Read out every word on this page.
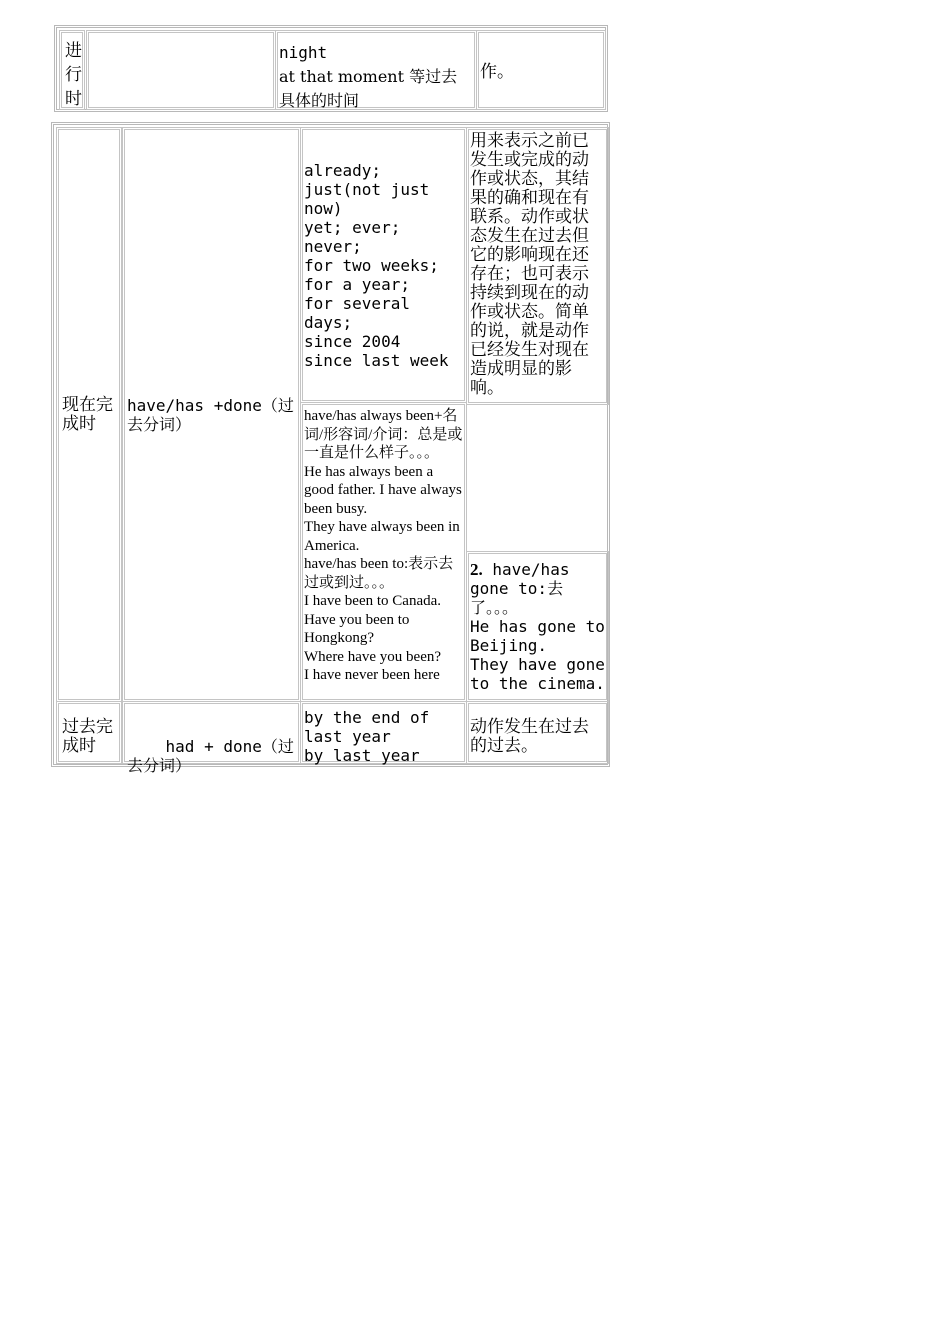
进
行
时
night
at that moment 等过去具体的时间
作。
现在完成时
have/has +done（过去分词）
already;
just(not just now)
yet; ever; never;
for two weeks;
for a year;
for several days;
since 2004
since last week
用来表示之前已发生或完成的动作或状态，其结果的确和现在有联系。动作或状态发生在过去但它的影响现在还存在；也可表示持续到现在的动作或状态。简单的说，就是动作已经发生对现在造成明显的影响。
have/has always been+名词/形容词/介词：总是或一直是什么样子。。。
He has always been a good father. I have always been busy.
They have always been in America.
have/has been to:表示去过或到过。。。
I have been to Canada.
Have you been to Hongkong?
Where have you been?
I have never been here
2. have/has gone to:去了。。。
He has gone to Beijing.
They have gone to the cinema.
过去完成时	had + done（过去分词）

by the end of last year
by last year
动作发生在过去的过去。
